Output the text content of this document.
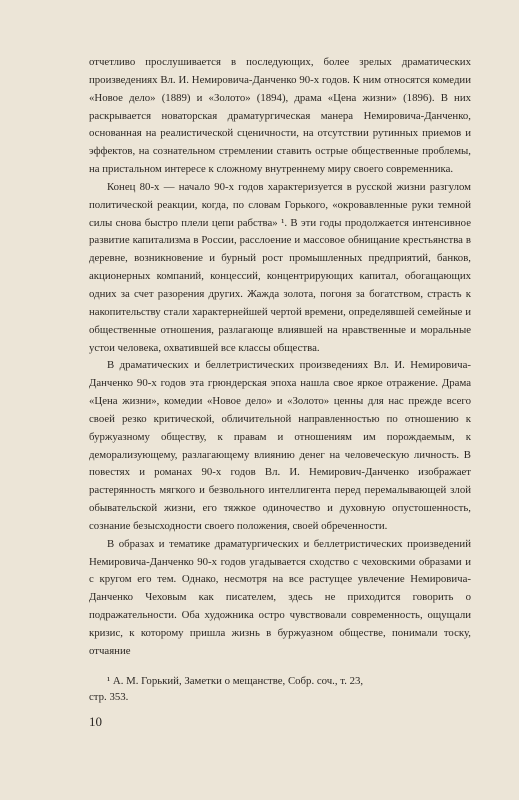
отчетливо прослушивается в последующих, более зрелых драматических произведениях Вл. И. Немировича-Данченко 90-х годов. К ним относятся комедии «Новое дело» (1889) и «Золото» (1894), драма «Цена жизни» (1896). В них раскрывается новаторская драматургическая манера Немировича-Данченко, основанная на реалистической сценичности, на отсутствии рутинных приемов и эффектов, на сознательном стремлении ставить острые общественные проблемы, на пристальном интересе к сложному внутреннему миру своего современника.

Конец 80-х — начало 90-х годов характеризуется в русской жизни разгулом политической реакции, когда, по словам Горького, «окровавленные руки темной силы снова быстро плели цепи рабства» ¹. В эти годы продолжается интенсивное развитие капитализма в России, расслоение и массовое обнищание крестьянства в деревне, возникновение и бурный рост промышленных предприятий, банков, акционерных компаний, концессий, концентрирующих капитал, обогащающих одних за счет разорения других. Жажда золота, погоня за богатством, страсть к накопительству стали характернейшей чертой времени, определявшей семейные и общественные отношения, разлагающе влиявшей на нравственные и моральные устои человека, охватившей все классы общества.

В драматических и беллетристических произведениях Вл. И. Немировича-Данченко 90-х годов эта грюндерская эпоха нашла свое яркое отражение. Драма «Цена жизни», комедии «Новое дело» и «Золото» ценны для нас прежде всего своей резко критической, обличительной направленностью по отношению к буржуазному обществу, к правам и отношениям им порождаемым, к деморализующему, разлагающему влиянию денег на человеческую личность. В повестях и романах 90-х годов Вл. И. Немирович-Данченко изображает растерянность мягкого и безвольного интеллигента перед перемалывающей злой обывательской жизни, его тяжкое одиночество и духовную опустошенность, сознание безысходности своего положения, своей обреченности.

В образах и тематике драматургических и беллетристических произведений Немировича-Данченко 90-х годов угадывается сходство с чеховскими образами и с кругом его тем. Однако, несмотря на все растущее увлечение Немировича-Данченко Чеховым как писателем, здесь не приходится говорить о подражательности. Оба художника остро чувствовали современность, ощущали кризис, к которому пришла жизнь в буржуазном обществе, понимали тоску, отчаяние

¹ А. М. Горький, Заметки о мещанстве, Собр. соч., т. 23,
стр. 353.
10
